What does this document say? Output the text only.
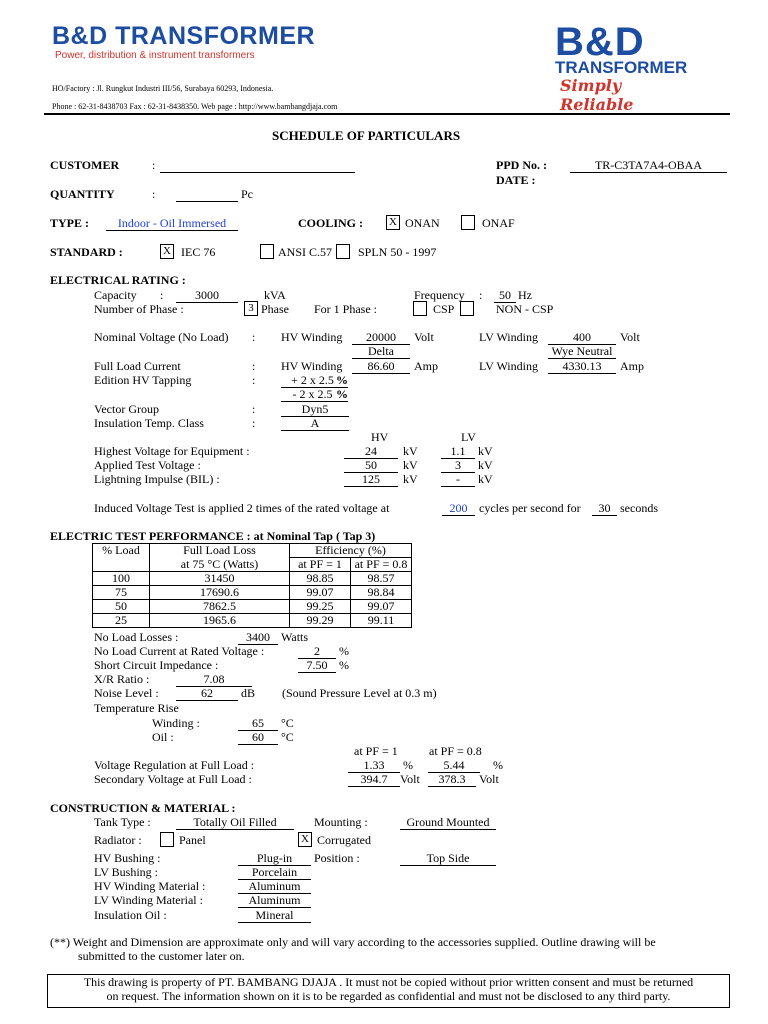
B&D TRANSFORMER
Power, distribution & instrument transformers	B&D
TRANSFORMER
Simply Reliable
HO/Factory : Jl. Rungkut Industri III/56, Surabaya 60293, Indonesia.
Phone : 62-31-8438703 Fax : 62-31-8438350. Web page : http://www.bambangdjaja.com
SCHEDULE OF PARTICULARS
CUSTOMER	:	PPD No. :	TR-C3TA7A4-OBAA
DATE :
QUANTITY	:	Pc
TYPE :	Indoor - Oil Immersed	COOLING : X ONAN	ONAF
STANDARD :	X IEC 76	ANSI C.57 SPLN 50 - 1997
ELECTRICAL RATING :
Capacity :	3000	kVA	Frequency :	50 Hz
Number of Phase :	3 Phase For 1 Phase :	CSP	NON - CSP
Nominal Voltage (No Load) : HV Winding	20000	Volt	LV Winding	400	Volt
Delta	Wye Neutral
Full Load Current	: HV Winding	86.60	Amp	LV Winding	4330.13	Amp
Edition HV Tapping	:	+ 2 x 2.5 %
- 2 x 2.5 %
Vector Group	:	Dyn5
Insulation Temp. Class	:	A
HV	LV
Highest Voltage for Equipment :	24	kV	1.1	kV
Applied Test Voltage :	50	kV	3	kV
Lightning Impulse (BIL) :	125	kV	-	kV
Induced Voltage Test is applied 2 times of the rated voltage at	200 cycles per second for	30 seconds
ELECTRIC TEST PERFORMANCE : at Nominal Tap ( Tap 3)
% Load	Full Load Loss	Efficiency (%)	
	at 75 °C (Watts)	at PF = 1	at PF = 0.8
100	31450	98.85	98.57
75	17690.6	99.07	98.84
50	7862.5	99.25	99.07
25	1965.6	99.29	99.11
No Load Losses :	3400 Watts
No Load Current at Rated Voltage :	2	%
Short Circuit Impedance :	7.50 %
X/R Ratio :	7.08
Noise Level :	62	dB (Sound Pressure Level at 0.3 m)
Temperature Rise
Winding :	65	°C
Oil :	60	°C
at PF = 1	at PF = 0.8
Voltage Regulation at Full Load :	1.33	%	5.44	%
Secondary Voltage at Full Load :	394.7	Volt	378.3	Volt
CONSTRUCTION & MATERIAL :
Tank Type :	Totally Oil Filled	Mounting :	Ground Mounted
Radiator :	Panel	X Corrugated
HV Bushing :	Plug-in	Position :	Top Side
LV Bushing :	Porcelain
HV Winding Material :	Aluminum
LV Winding Material :	Aluminum
Insulation Oil :	Mineral
(**) Weight and Dimension are approximate only and will vary according to the accessories supplied. Outline drawing will be
submitted to the customer later on.
This drawing is property of PT. BAMBANG DJAJA . It must not be copied without prior written consent and must be returned
on request. The information shown on it is to be regarded as confidential and must not be disclosed to any third party.
